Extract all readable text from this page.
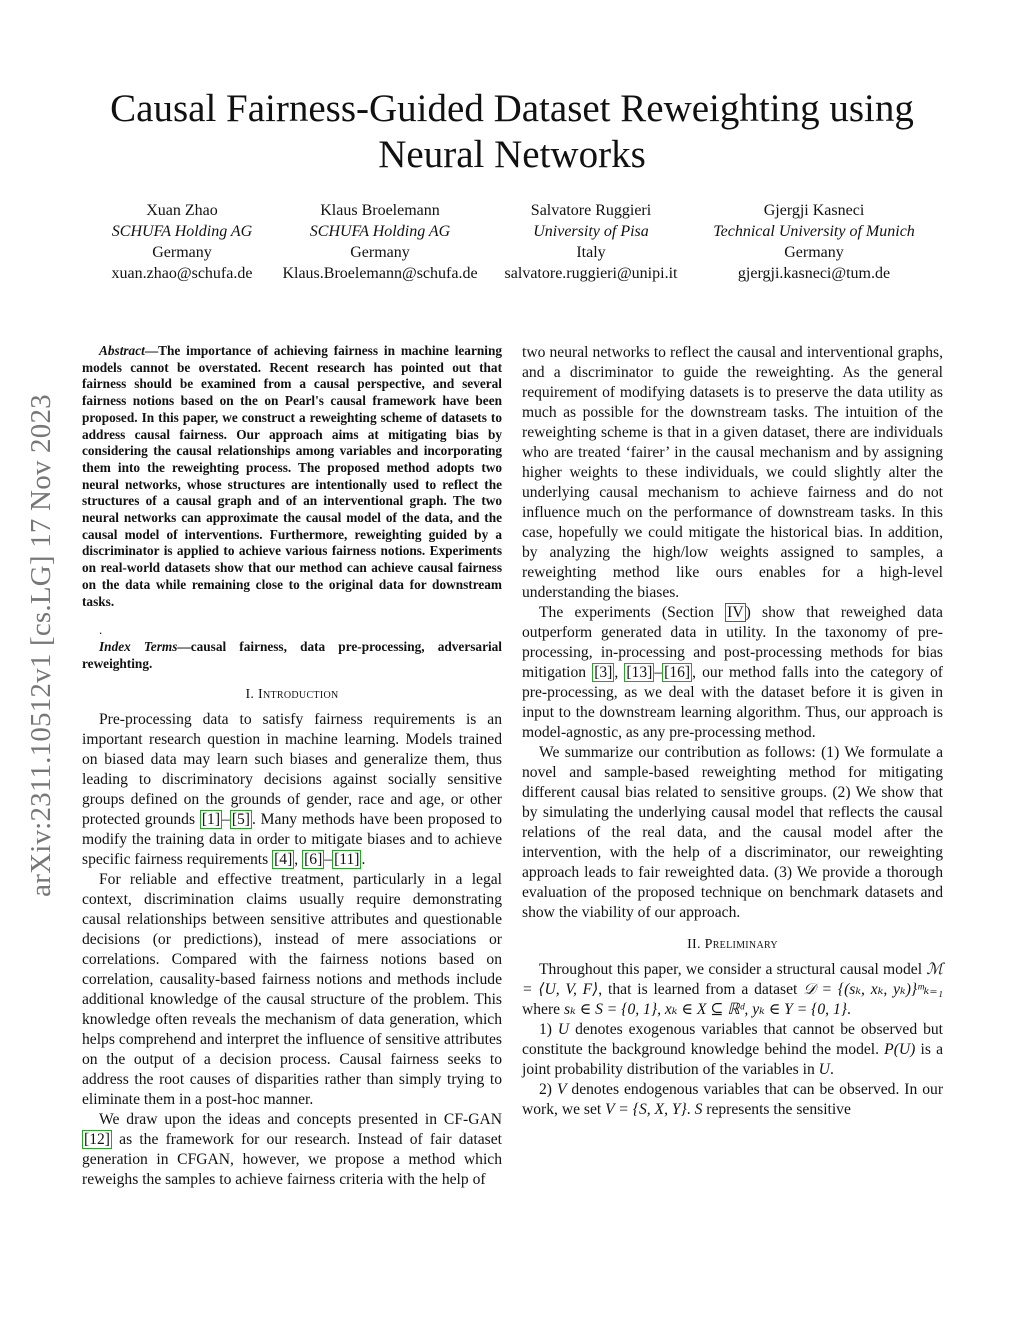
Causal Fairness-Guided Dataset Reweighting using Neural Networks
Xuan Zhao
SCHUFA Holding AG
Germany
xuan.zhao@schufa.de
Klaus Broelemann
SCHUFA Holding AG
Germany
Klaus.Broelemann@schufa.de
Salvatore Ruggieri
University of Pisa
Italy
salvatore.ruggieri@unipi.it
Gjergji Kasneci
Technical University of Munich
Germany
gjergji.kasneci@tum.de
arXiv:2311.10512v1 [cs.LG] 17 Nov 2023

Abstract—The importance of achieving fairness in machine learning models cannot be overstated. Recent research has pointed out that fairness should be examined from a causal perspective, and several fairness notions based on the on Pearl's causal framework have been proposed. In this paper, we construct a reweighting scheme of datasets to address causal fairness. Our approach aims at mitigating bias by considering the causal relationships among variables and incorporating them into the reweighting process. The proposed method adopts two neural networks, whose structures are intentionally used to reflect the structures of a causal graph and of an interventional graph. The two neural networks can approximate the causal model of the data, and the causal model of interventions. Furthermore, reweighting guided by a discriminator is applied to achieve various fairness notions. Experiments on real-world datasets show that our method can achieve causal fairness on the data while remaining close to the original data for downstream tasks.

.

Index Terms—causal fairness, data pre-processing, adversarial reweighting.

I. Introduction

Pre-processing data to satisfy fairness requirements is an important research question in machine learning. Models trained on biased data may learn such biases and generalize them, thus leading to discriminatory decisions against socially sensitive groups defined on the grounds of gender, race and age, or other protected grounds [1] – [5] . Many methods have been proposed to modify the training data in order to mitigate biases and to achieve specific fairness requirements [4] , [6] – [11] .

For reliable and effective treatment, particularly in a legal context, discrimination claims usually require demonstrating causal relationships between sensitive attributes and questionable decisions (or predictions), instead of mere associations or correlations. Compared with the fairness notions based on correlation, causality-based fairness notions and methods include additional knowledge of the causal structure of the problem. This knowledge often reveals the mechanism of data generation, which helps comprehend and interpret the influence of sensitive attributes on the output of a decision process. Causal fairness seeks to address the root causes of disparities rather than simply trying to eliminate them in a post-hoc manner.

We draw upon the ideas and concepts presented in CF-GAN [12] as the framework for our research. Instead of fair dataset generation in CFGAN, however, we propose a method which reweighs the samples to achieve fairness criteria with the help of

two neural networks to reflect the causal and interventional graphs, and a discriminator to guide the reweighting. As the general requirement of modifying datasets is to preserve the data utility as much as possible for the downstream tasks. The intuition of the reweighting scheme is that in a given dataset, there are individuals who are treated ‘fairer’ in the causal mechanism and by assigning higher weights to these individuals, we could slightly alter the underlying causal mechanism to achieve fairness and do not influence much on the performance of downstream tasks. In this case, hopefully we could mitigate the historical bias. In addition, by analyzing the high/low weights assigned to samples, a reweighting method like ours enables for a high-level understanding the biases.

The experiments (Section IV ) show that reweighed data outperform generated data in utility. In the taxonomy of pre-processing, in-processing and post-processing methods for bias mitigation [3] , [13] – [16] , our method falls into the category of pre-processing, as we deal with the dataset before it is given in input to the downstream learning algorithm. Thus, our approach is model-agnostic, as any pre-processing method.

We summarize our contribution as follows: (1) We formulate a novel and sample-based reweighting method for mitigating different causal bias related to sensitive groups. (2) We show that by simulating the underlying causal model that reflects the causal relations of the real data, and the causal model after the intervention, with the help of a discriminator, our reweighting approach leads to fair reweighted data. (3) We provide a thorough evaluation of the proposed technique on benchmark datasets and show the viability of our approach.

II. Preliminary

Throughout this paper, we consider a structural causal model ℳ = ⟨U, V, F⟩, that is learned from a dataset 𝒟 = {(sₖ, xₖ, yₖ)}ᵐₖ₌₁ where sₖ ∈ S = {0, 1}, xₖ ∈ X ⊆ ℝᵈ, yₖ ∈ Y = {0, 1}.

1) U denotes exogenous variables that cannot be observed but constitute the background knowledge behind the model. P(U) is a joint probability distribution of the variables in U.

2) V denotes endogenous variables that can be observed. In our work, we set V = {S, X, Y}. S represents the sensitive
